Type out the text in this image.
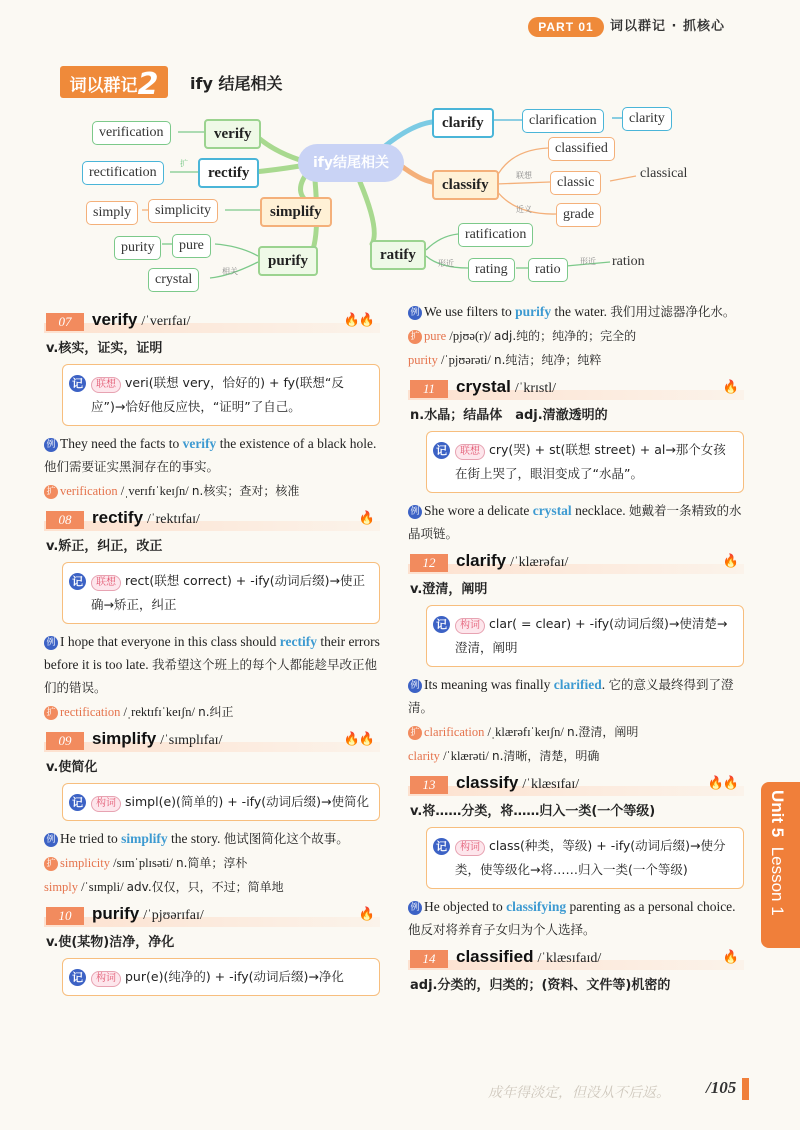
PART 01	词以群记 · 抓核心
词以群记2	ify 结尾相关
ify结尾相关
verify
verification
rectify
rectification
扩
simplify
simplicity
simply
purify
pure
purity
crystal
相关
clarify	clarification	clarity
classify
classified
classic
classical
grade
联想
近义
ratify
ratification
rating	ratio
ration
形近	形近
07	verify /ˈverɪfaɪ/	🔥🔥
v.核实，证实，证明
记	联想 veri(联想 very，恰好的) + fy(联想“反应”)→恰好他反应快，“证明”了自己。
例 They need the facts to verify the existence of a black hole. 他们需要证实黑洞存在的事实。
扩 verification /ˌverɪfɪˈkeɪʃn/ n.核实；查对；核准
08	rectify /ˈrektɪfaɪ/	🔥
v.矫正，纠正，改正
记	联想 rect(联想 correct) + -ify(动词后缀)→使正确→矫正，纠正
例 I hope that everyone in this class should rectify their errors before it is too late. 我希望这个班上的每个人都能趁早改正他们的错误。
扩 rectification /ˌrektɪfɪˈkeɪʃn/ n.纠正
09	simplify /ˈsɪmplɪfaɪ/	🔥🔥
v.使简化
记	构词 simpl(e)(简单的) + -ify(动词后缀)→使简化
例 He tried to simplify the story. 他试图简化这个故事。
扩 simplicity /sɪmˈplɪsəti/ n.简单；淳朴
simply /ˈsɪmpli/ adv.仅仅，只，不过；简单地
10	purify /ˈpjʊərɪfaɪ/	🔥
v.使(某物)洁净，净化
记	构词 pur(e)(纯净的) + -ify(动词后缀)→净化
例 We use filters to purify the water. 我们用过滤器净化水。
扩 pure /pjʊə(r)/ adj.纯的；纯净的；完全的
purity /ˈpjʊərəti/ n.纯洁；纯净；纯粹
11	crystal /ˈkrɪstl/	🔥
n.水晶；结晶体　adj.清澈透明的
记	联想 cry(哭) + st(联想 street) + al→那个女孩在街上哭了，眼泪变成了“水晶”。
例 She wore a delicate crystal necklace. 她戴着一条精致的水晶项链。
12	clarify /ˈklærəfaɪ/	🔥
v.澄清，阐明
记	构词 clar( = clear) + -ify(动词后缀)→使清楚→澄清，阐明
例 Its meaning was finally clarified. 它的意义最终得到了澄清。
扩 clarification /ˌklærəfɪˈkeɪʃn/ n.澄清，阐明
clarity /ˈklærəti/ n.清晰，清楚，明确
13	classify /ˈklæsɪfaɪ/	🔥🔥
v.将……分类，将……归入一类(一个等级)
记	构词 class(种类，等级) + -ify(动词后缀)→使分类，使等级化→将……归入一类(一个等级)
例 He objected to classifying parenting as a personal choice. 他反对将养育子女归为个人选择。
14	classified /ˈklæsɪfaɪd/	🔥
adj.分类的，归类的；(资料、文件等)机密的
Unit 5  Lesson 1
成年得淡定，但没从不后返。 /105
